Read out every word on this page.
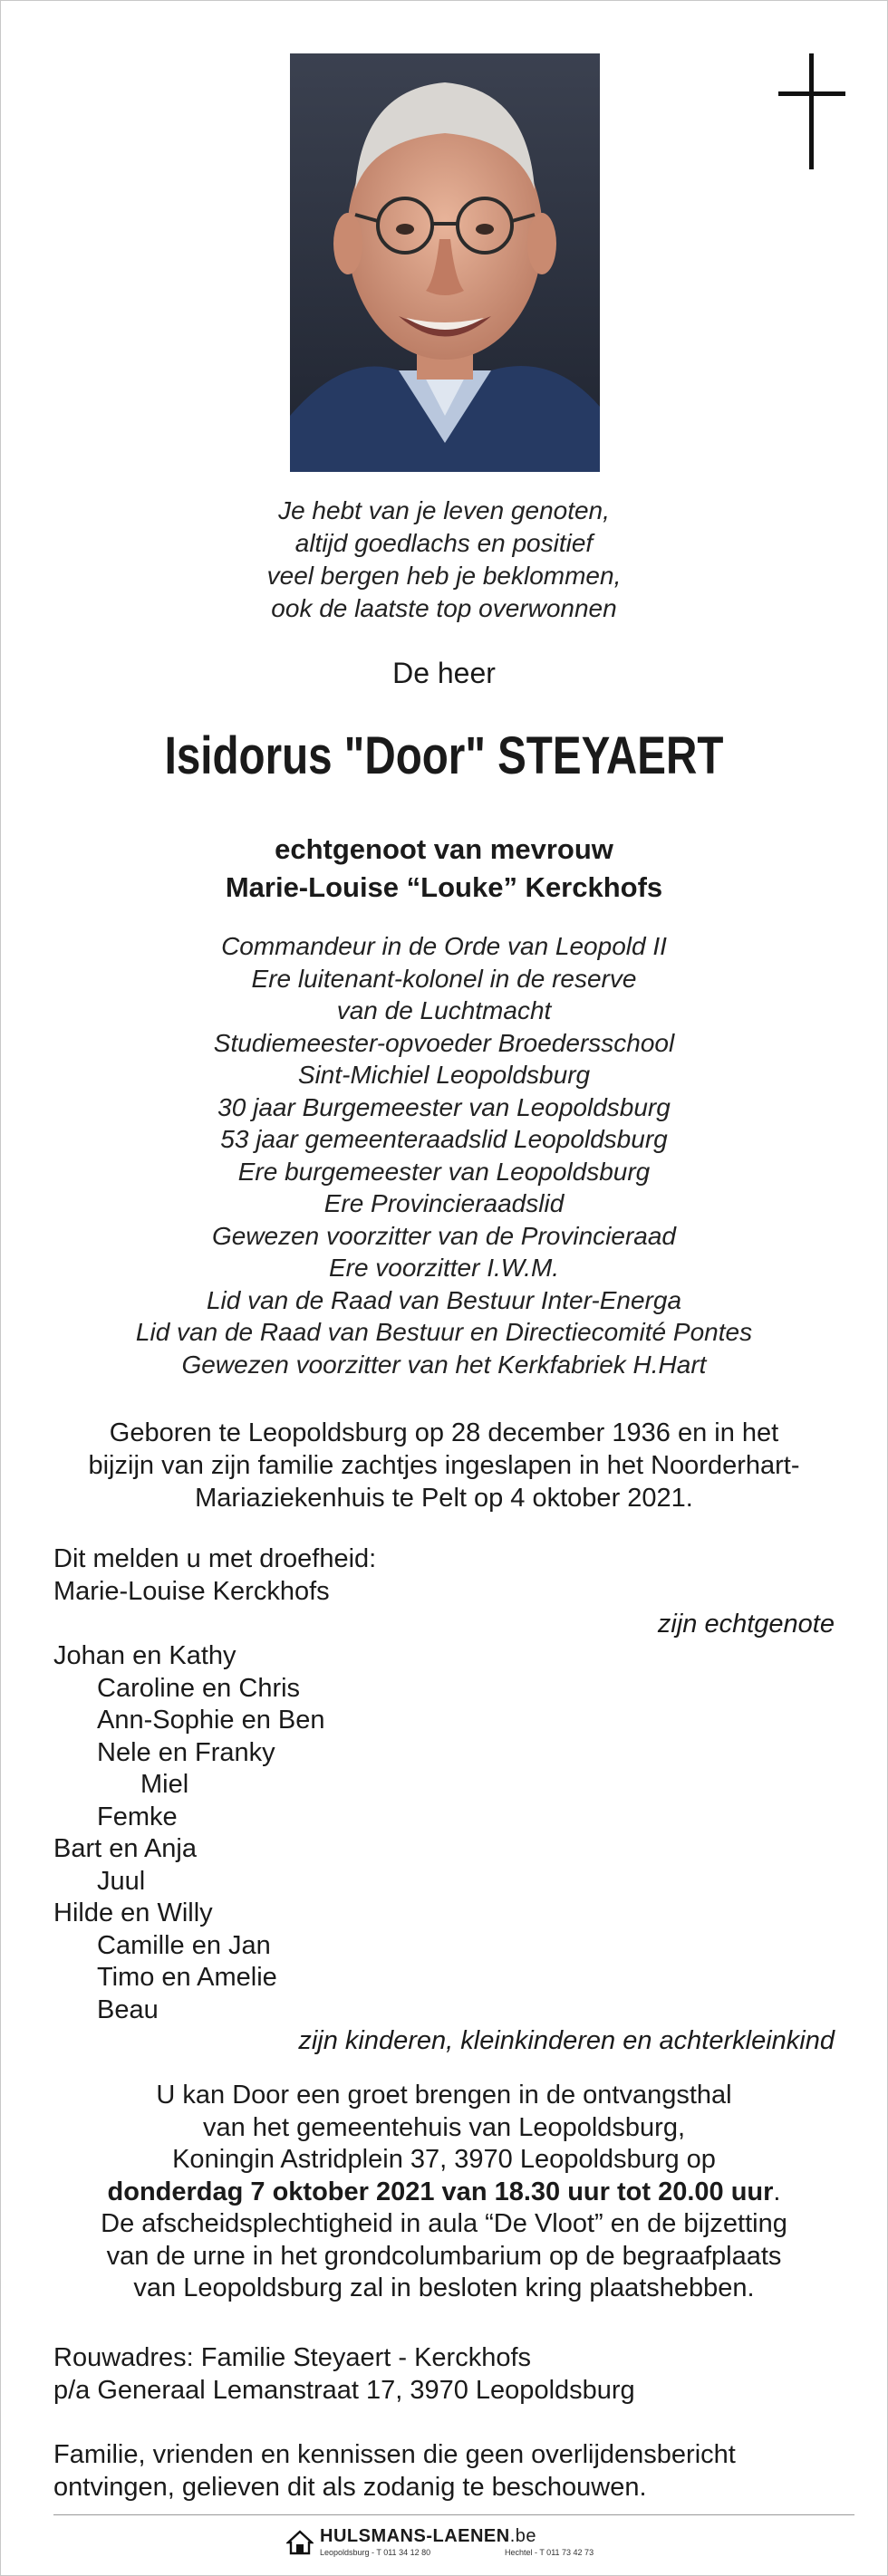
Je hebt van je leven genoten,
altijd goedlachs en positief
veel bergen heb je beklommen,
ook de laatste top overwonnen
De heer
Isidorus "Door" STEYAERT
echtgenoot van mevrouw
Marie-Louise “Louke” Kerckhofs
Commandeur in de Orde van Leopold II
Ere luitenant-kolonel in de reserve
van de Luchtmacht
Studiemeester-opvoeder Broedersschool
Sint-Michiel Leopoldsburg
30 jaar Burgemeester van Leopoldsburg
53 jaar gemeenteraadslid Leopoldsburg
Ere burgemeester van Leopoldsburg
Ere Provincieraadslid
Gewezen voorzitter van de Provincieraad
Ere voorzitter I.W.M.
Lid van de Raad van Bestuur Inter-Energa
Lid van de Raad van Bestuur en Directiecomité Pontes
Gewezen voorzitter van het Kerkfabriek H.Hart
Geboren te Leopoldsburg op 28 december 1936 en in het
bijzijn van zijn familie zachtjes ingeslapen in het Noorderhart-
Mariaziekenhuis te Pelt op 4 oktober 2021.
Dit melden u met droefheid:
Marie-Louise Kerckhofs
zijn echtgenote
Johan en Kathy
Caroline en Chris
Ann-Sophie en Ben
Nele en Franky
Miel
Femke
Bart en Anja
Juul
Hilde en Willy
Camille en Jan
Timo en Amelie
Beau
zijn kinderen, kleinkinderen en achterkleinkind
U kan Door een groet brengen in de ontvangsthal
van het gemeentehuis van Leopoldsburg,
Koningin Astridplein 37, 3970 Leopoldsburg op
donderdag 7 oktober 2021 van 18.30 uur tot 20.00 uur.
De afscheidsplechtigheid in aula “De Vloot” en de bijzetting
van de urne in het grondcolumbarium op de begraafplaats
van Leopoldsburg zal in besloten kring plaatshebben.
Rouwadres: Familie Steyaert - Kerckhofs
p/a Generaal Lemanstraat 17, 3970 Leopoldsburg
Familie, vrienden en kennissen die geen overlijdensbericht
ontvingen, gelieven dit als zodanig te beschouwen.
HULSMANS-LAENEN.be
Leopoldsburg - T 011 34 12 80	Hechtel - T 011 73 42 73
